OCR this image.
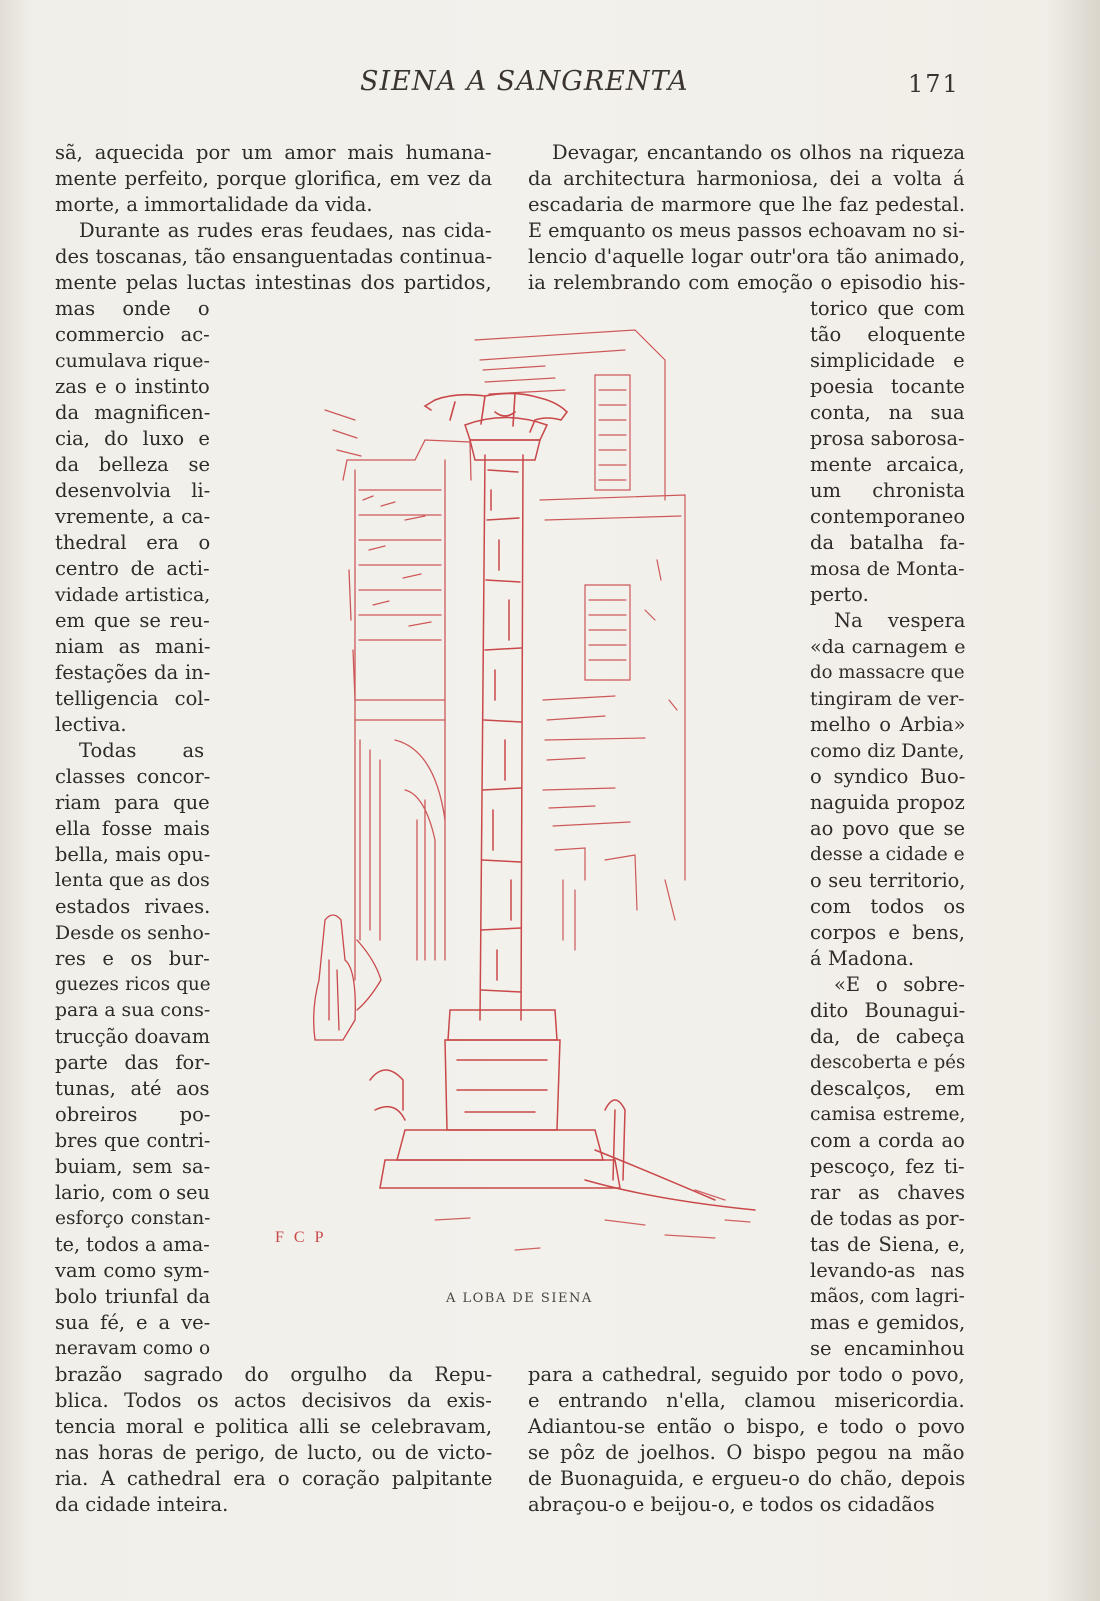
SIENA A SANGRENTA	171
sã, aquecida por um amor mais humana-
mente perfeito, porque glorifica, em vez da
morte, a immortalidade da vida.
Durante as rudes eras feudaes, nas cida-
des toscanas, tão ensanguentadas continua-
mente pelas luctas intestinas dos partidos,
mas onde o
commercio ac-
cumulava rique-
zas e o instinto
da magnificen-
cia, do luxo e
da belleza se
desenvolvia li-
vremente, a ca-
thedral era o
centro de acti-
vidade artistica,
em que se reu-
niam as mani-
festações da in-
telligencia col-
lectiva.
Todas as
classes concor-
riam para que
ella fosse mais
bella, mais opu-
lenta que as dos
estados rivaes.
Desde os senho-
res e os bur-
guezes ricos que
para a sua cons-
trucção doavam
parte das for-
tunas, até aos
obreiros po-
bres que contri-
buiam, sem sa-
lario, com o seu
esforço constan-
te, todos a ama-
vam como sym-
bolo triunfal da
sua fé, e a ve-
neravam como o
brazão sagrado do orgulho da Repu-
blica. Todos os actos decisivos da exis-
tencia moral e politica alli se celebravam,
nas horas de perigo, de lucto, ou de victo-
ria. A cathedral era o coração palpitante
da cidade inteira.
Devagar, encantando os olhos na riqueza
da architectura harmoniosa, dei a volta á
escadaria de marmore que lhe faz pedestal.
E emquanto os meus passos echoavam no si-
lencio d'aquelle logar outr'ora tão animado,
ia relembrando com emoção o episodio his-
torico que com
tão eloquente
simplicidade e
poesia tocante
conta, na sua
prosa saborosa-
mente arcaica,
um chronista
contemporaneo
da batalha fa-
mosa de Monta-
perto.
Na vespera
«da carnagem e
do massacre que
tingiram de ver-
melho o Arbia»
como diz Dante,
o syndico Buo-
naguida propoz
ao povo que se
desse a cidade e
o seu territorio,
com todos os
corpos e bens,
á Madona.
«E o sobre-
dito Bounagui-
da, de cabeça
descoberta e pés
descalços, em
camisa estreme,
com a corda ao
pescoço, fez ti-
rar as chaves
de todas as por-
tas de Siena, e,
levando-as nas
mãos, com lagri-
mas e gemidos,
se encaminhou
para a cathedral, seguido por todo o povo,
e entrando n'ella, clamou misericordia.
Adiantou-se então o bispo, e todo o povo
se pôz de joelhos. O bispo pegou na mão
de Buonaguida, e ergueu-o do chão, depois
abraçou-o e beijou-o, e todos os cidadãos
F C P
A LOBA DE SIENA
